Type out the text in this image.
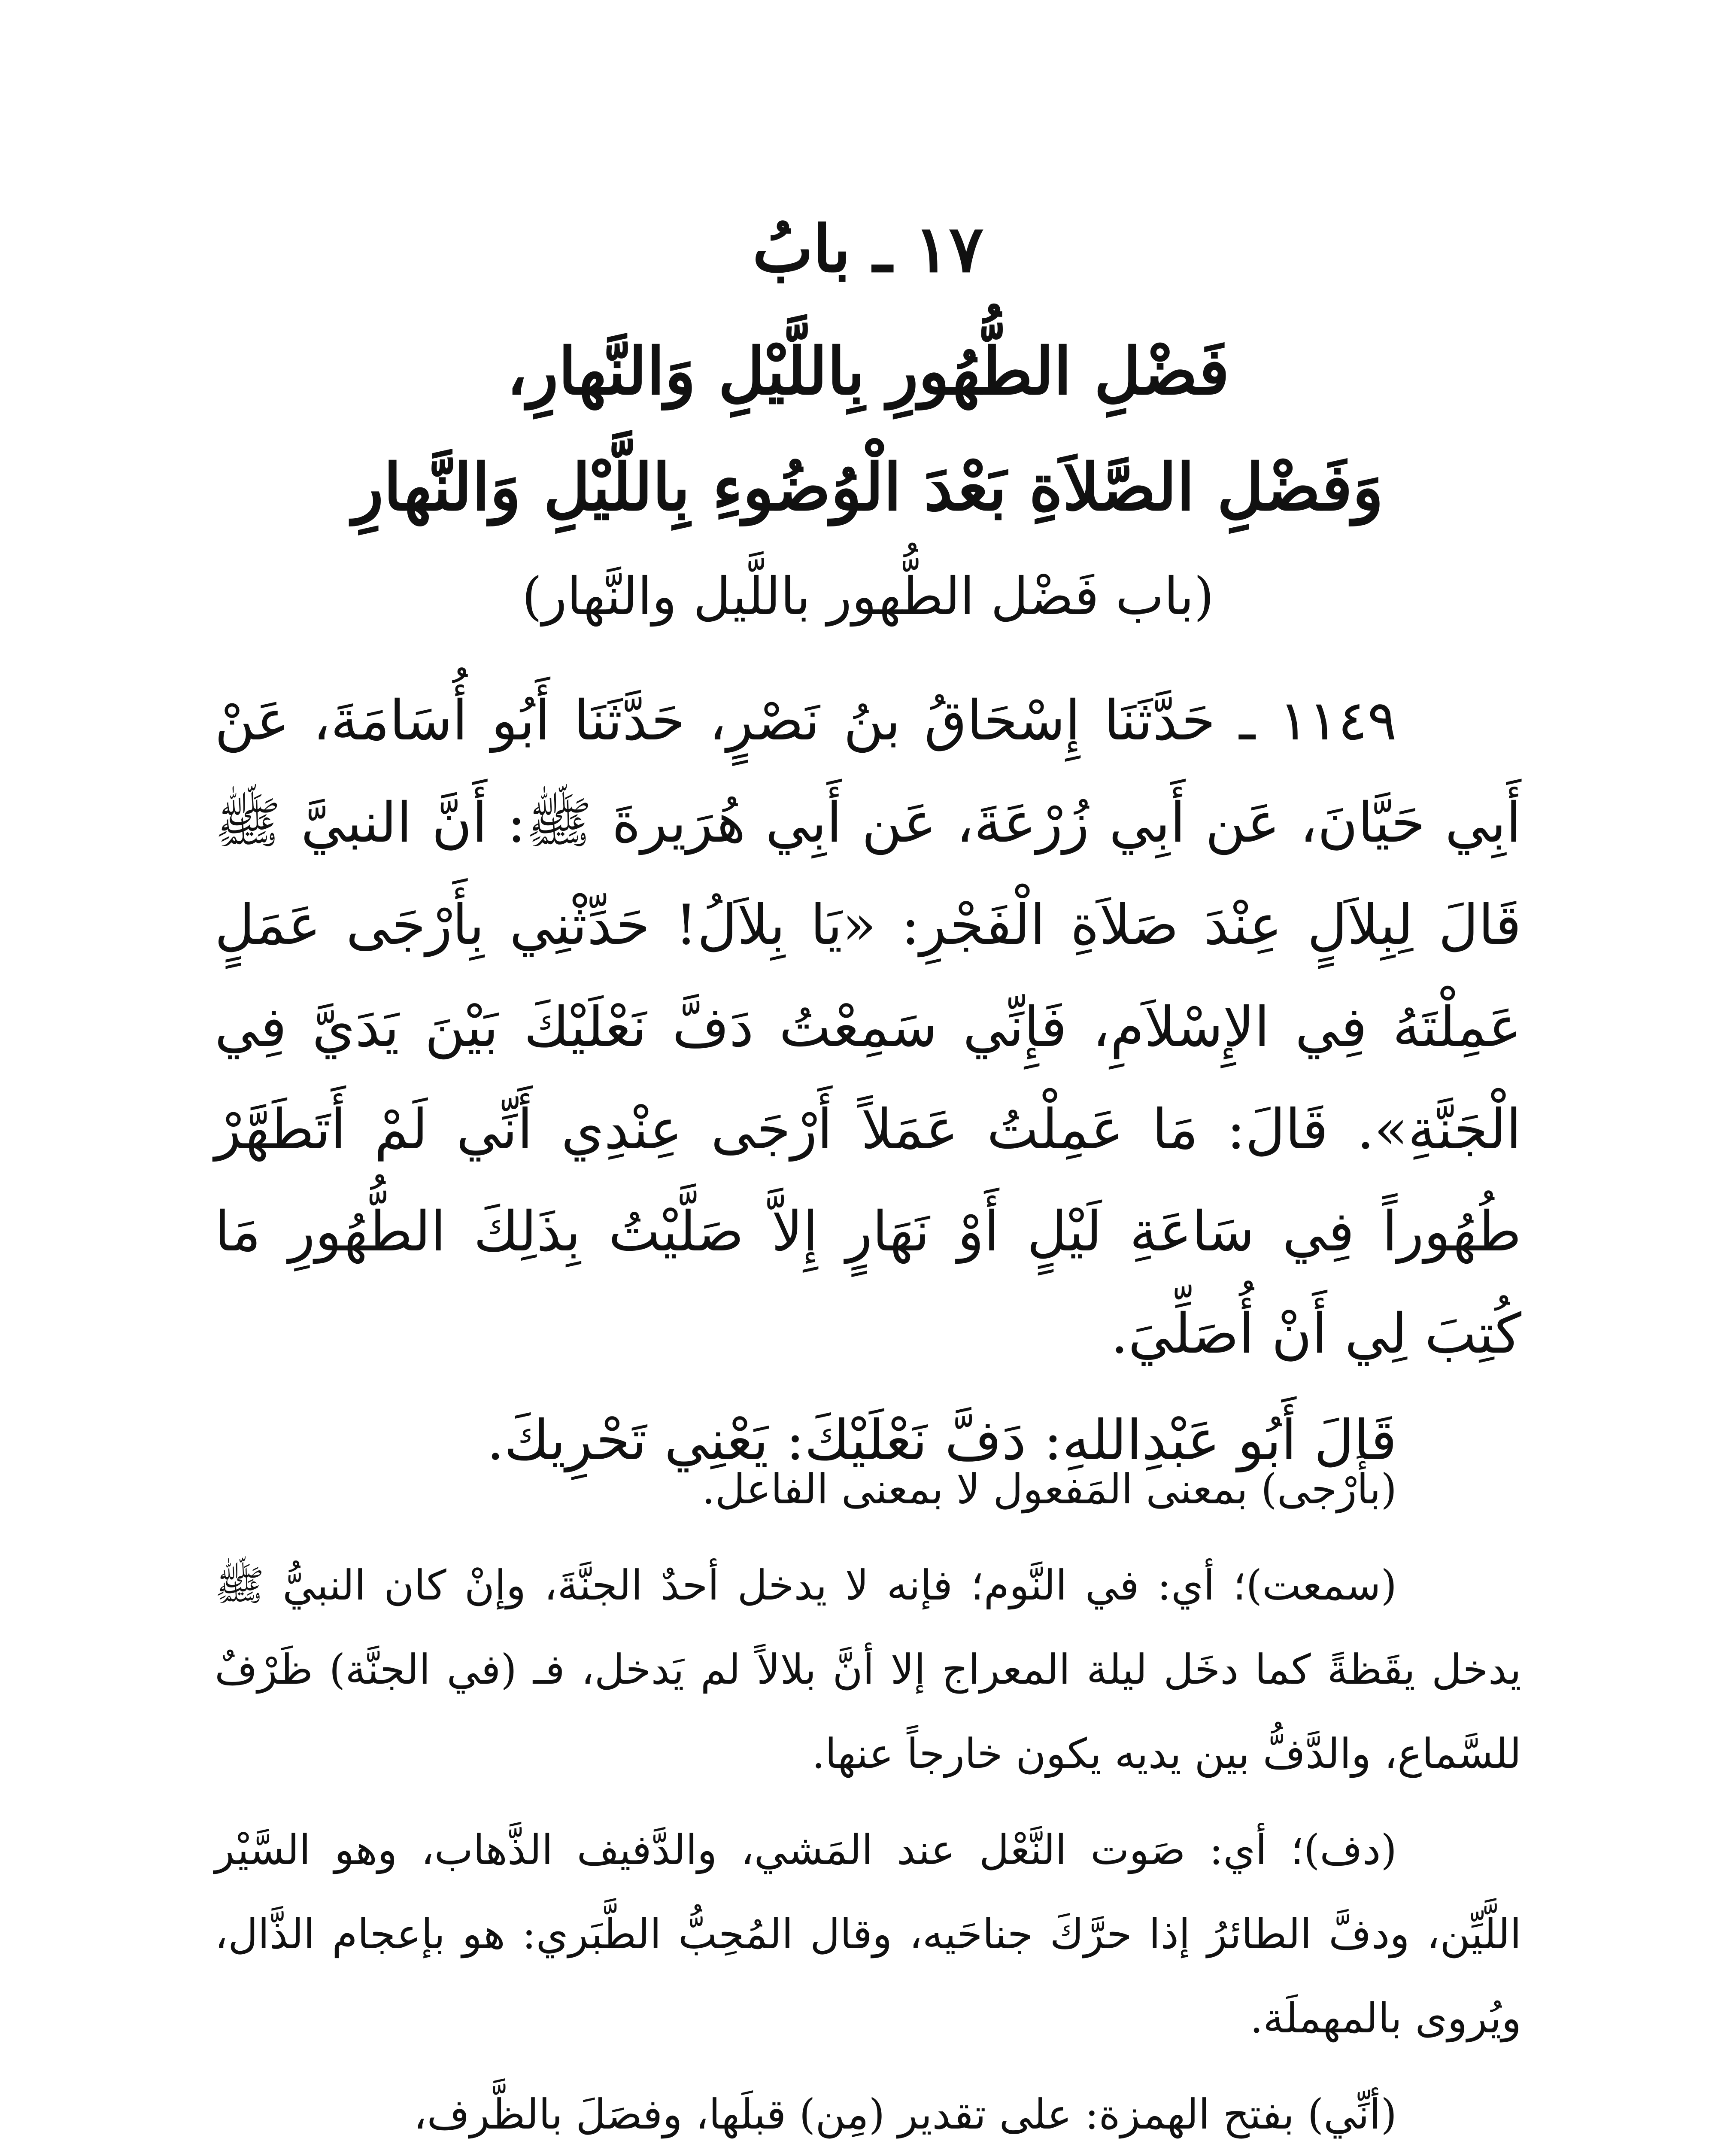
١٧ ـ بابُ
فَضْلِ الطُّهُورِ بِاللَّيْلِ وَالنَّهارِ،
وَفَضْلِ الصَّلاَةِ بَعْدَ الْوُضُوءِ بِاللَّيْلِ وَالنَّهارِ
(باب فَضْل الطُّهور باللَّيل والنَّهار)

١١٤٩ ـ حَدَّثَنَا إِسْحَاقُ بنُ نَصْرٍ، حَدَّثَنَا أَبُو أُسَامَةَ، عَنْ أَبِي حَيَّانَ، عَن أَبِي زُرْعَةَ، عَن أَبِي هُرَيرةَ ﷺ: أَنَّ النبيَّ ﷺ قَالَ لِبِلاَلٍ عِنْدَ صَلاَةِ الْفَجْرِ: «يَا بِلاَلُ! حَدِّثْنِي بِأَرْجَى عَمَلٍ عَمِلْتَهُ فِي الإِسْلاَمِ، فَإِنِّي سَمِعْتُ دَفَّ نَعْلَيْكَ بَيْنَ يَدَيَّ فِي الْجَنَّةِ». قَالَ: مَا عَمِلْتُ عَمَلاً أَرْجَى عِنْدِي أَنِّي لَمْ أَتَطَهَّرْ طُهُوراً فِي سَاعَةِ لَيْلٍ أَوْ نَهَارٍ إِلاَّ صَلَّيْتُ بِذَلِكَ الطُّهُورِ مَا كُتِبَ لِي أَنْ أُصَلِّيَ.

قَالَ أَبُو عَبْدِاللهِ: دَفَّ نَعْلَيْكَ: يَعْنِي تَحْرِيكَ.

(بأَرْجى) بمعنى المَفعول لا بمعنى الفاعل.

(سمعت)؛ أي: في النَّوم؛ فإنه لا يدخل أحدٌ الجنَّةَ، وإنْ كان النبيُّ ﷺ يدخل يقَظةً كما دخَل ليلة المعراج إلا أنَّ بلالاً لم يَدخل، فـ (في الجنَّة) ظَرْفٌ للسَّماع، والدَّفُّ بين يديه يكون خارجاً عنها.

(دف)؛ أي: صَوت النَّعْل عند المَشي، والدَّفيف الذَّهاب، وهو السَّيْر اللَّيِّن، ودفَّ الطائرُ إذا حرَّكَ جناحَيه، وقال المُحِبُّ الطَّبَري: هو بإعجام الذَّال، ويُروى بالمهملَة.

(أنِّي) بفتح الهمزة: على تقدير (مِن) قبلَها، وفصَلَ بالظَّرف،
